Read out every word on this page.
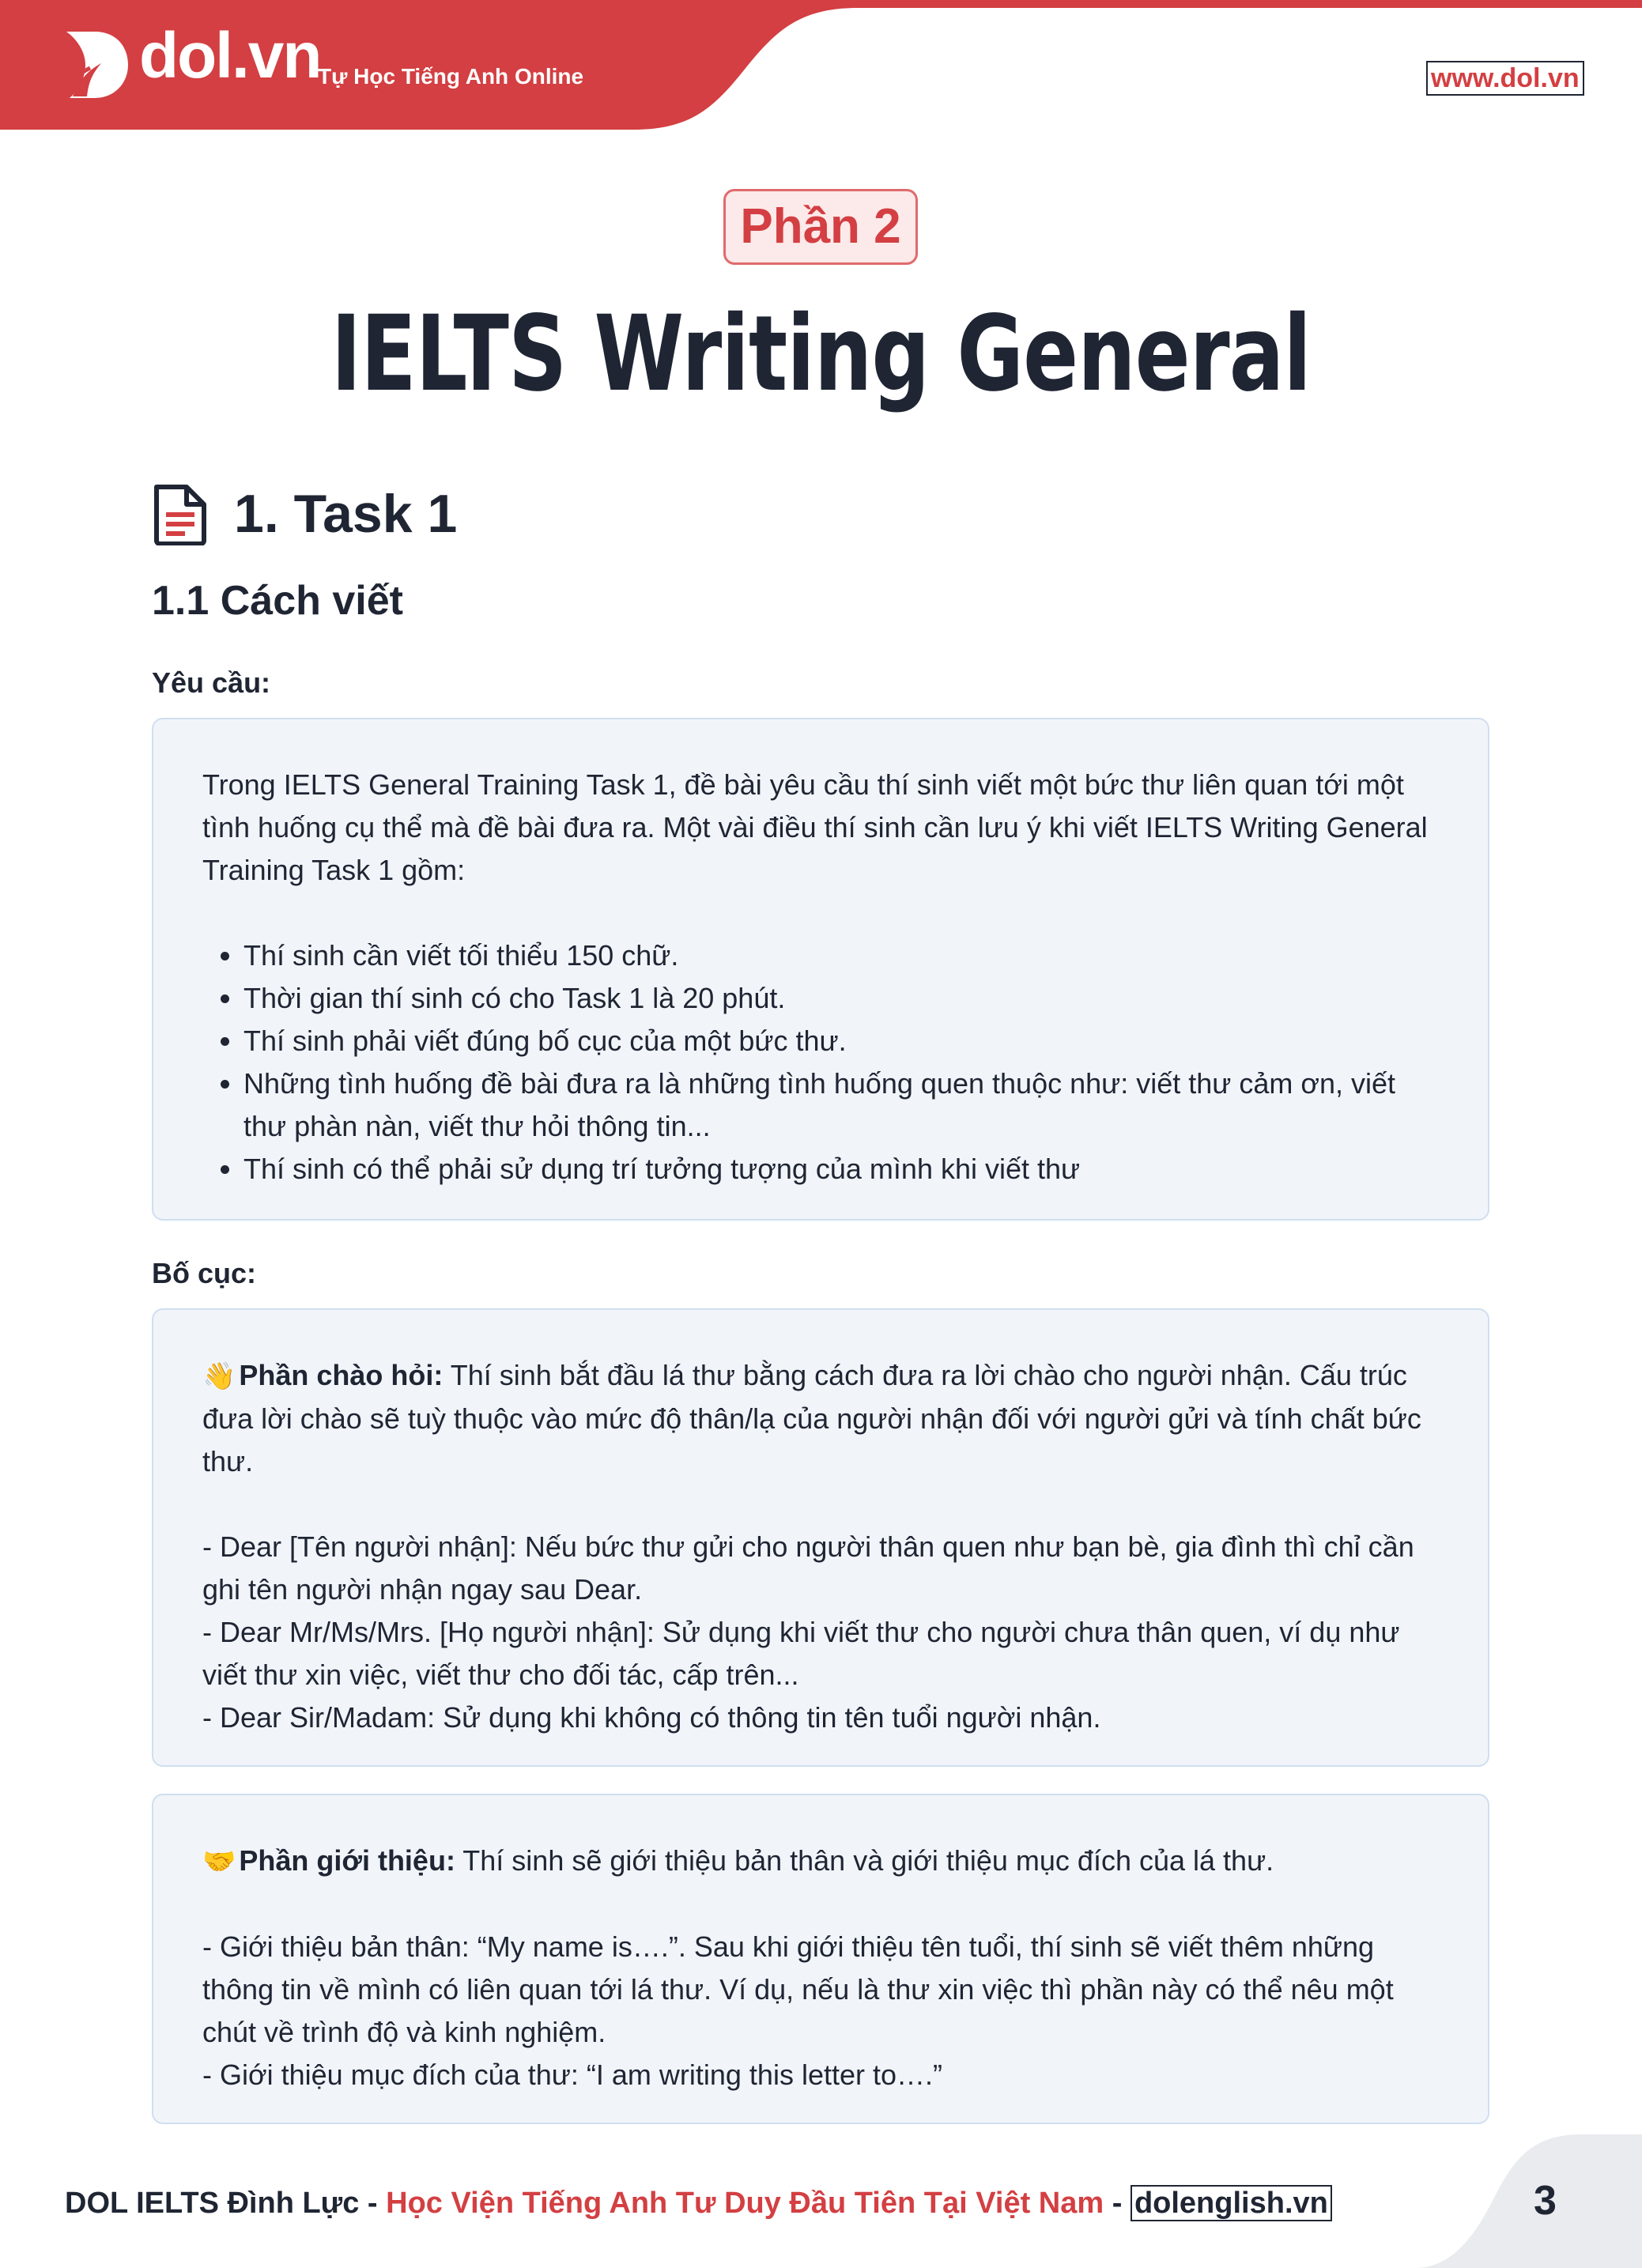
dol.vn
Tự Học Tiếng Anh Online	www.dol.vn
Phần 2
IELTS Writing General
1. Task 1
1.1 Cách viết
Yêu cầu:

Trong IELTS General Training Task 1, đề bài yêu cầu thí sinh viết một bức thư liên quan tới một tình huống cụ thể mà đề bài đưa ra. Một vài điều thí sinh cần lưu ý khi viết IELTS Writing General Training Task 1 gồm:

• Thí sinh cần viết tối thiểu 150 chữ.
• Thời gian thí sinh có cho Task 1 là 20 phút.
• Thí sinh phải viết đúng bố cục của một bức thư.
• Những tình huống đề bài đưa ra là những tình huống quen thuộc như: viết thư cảm ơn, viết thư phàn nàn, viết thư hỏi thông tin...
• Thí sinh có thể phải sử dụng trí tưởng tượng của mình khi viết thư
Bố cục:

👋 Phần chào hỏi: Thí sinh bắt đầu lá thư bằng cách đưa ra lời chào cho người nhận. Cấu trúc đưa lời chào sẽ tuỳ thuộc vào mức độ thân/lạ của người nhận đối với người gửi và tính chất bức thư.

- Dear [Tên người nhận]: Nếu bức thư gửi cho người thân quen như bạn bè, gia đình thì chỉ cần ghi tên người nhận ngay sau Dear.

- Dear Mr/Ms/Mrs. [Họ người nhận]: Sử dụng khi viết thư cho người chưa thân quen, ví dụ như viết thư xin việc, viết thư cho đối tác, cấp trên...

- Dear Sir/Madam: Sử dụng khi không có thông tin tên tuổi người nhận.

🤝 Phần giới thiệu: Thí sinh sẽ giới thiệu bản thân và giới thiệu mục đích của lá thư.

- Giới thiệu bản thân: “My name is….”. Sau khi giới thiệu tên tuổi, thí sinh sẽ viết thêm những thông tin về mình có liên quan tới lá thư. Ví dụ, nếu là thư xin việc thì phần này có thể nêu một chút về trình độ và kinh nghiệm.

- Giới thiệu mục đích của thư: “I am writing this letter to….”

DOL IELTS Đình Lực - Học Viện Tiếng Anh Tư Duy Đầu Tiên Tại Việt Nam - dolenglish.vn	3
